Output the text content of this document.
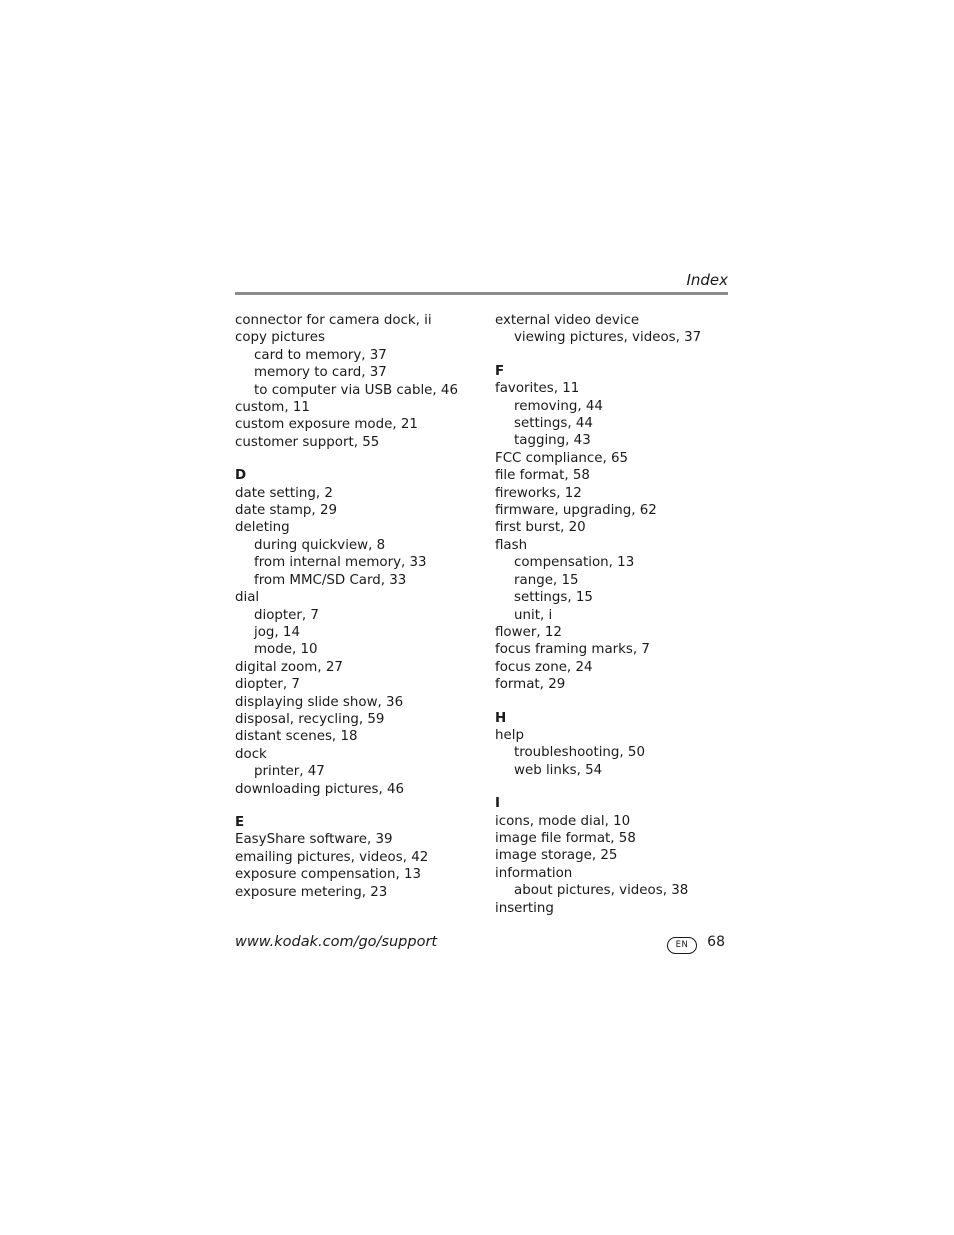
Index
connector for camera dock, ii
copy pictures
card to memory, 37
memory to card, 37
to computer via USB cable, 46
custom, 11
custom exposure mode, 21
customer support, 55
D
date setting, 2
date stamp, 29
deleting
during quickview, 8
from internal memory, 33
from MMC/SD Card, 33
dial
diopter, 7
jog, 14
mode, 10
digital zoom, 27
diopter, 7
displaying slide show, 36
disposal, recycling, 59
distant scenes, 18
dock
printer, 47
downloading pictures, 46
E
EasyShare software, 39
emailing pictures, videos, 42
exposure compensation, 13
exposure metering, 23
external video device
viewing pictures, videos, 37
F
favorites, 11
removing, 44
settings, 44
tagging, 43
FCC compliance, 65
file format, 58
fireworks, 12
firmware, upgrading, 62
first burst, 20
flash
compensation, 13
range, 15
settings, 15
unit, i
flower, 12
focus framing marks, 7
focus zone, 24
format, 29
H
help
troubleshooting, 50
web links, 54
I
icons, mode dial, 10
image file format, 58
image storage, 25
information
about pictures, videos, 38
inserting
www.kodak.com/go/support	EN	68
